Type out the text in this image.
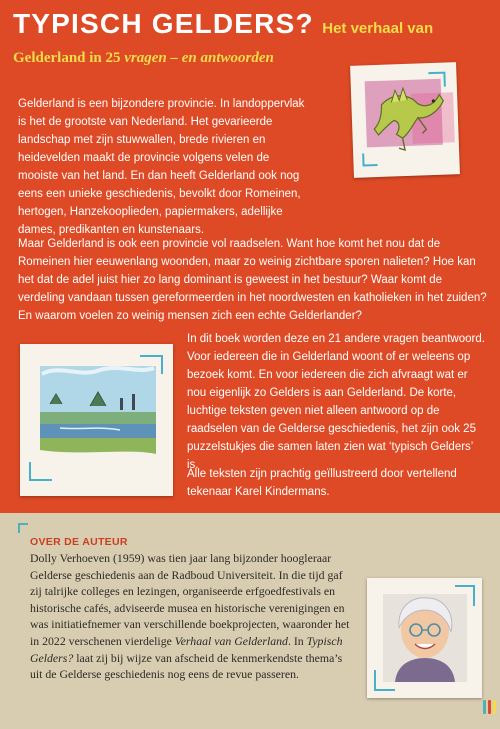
TYPISCH GELDERS? Het verhaal van
Gelderland in 25 vragen – en antwoorden
Gelderland is een bijzondere provincie. In landoppervlak is het de grootste van Nederland. Het gevarieerde landschap met zijn stuwwallen, brede rivieren en heidevelden maakt de provincie volgens velen de mooiste van het land. En dan heeft Gelderland ook nog eens een unieke geschiedenis, bevolkt door Romeinen, hertogen, Hanzekooplieden, papiermakers, adellijke dames, predikanten en kunstenaars.
Maar Gelderland is ook een provincie vol raadselen. Want hoe komt het nou dat de Romeinen hier eeuwenlang woonden, maar zo weinig zichtbare sporen nalieten? Hoe kan het dat de adel juist hier zo lang dominant is geweest in het bestuur? Waar komt de verdeling vandaan tussen gereformeerden in het noordwesten en katholieken in het zuiden? En waarom voelen zo weinig mensen zich een echte Gelderlander?
In dit boek worden deze en 21 andere vragen beantwoord. Voor iedereen die in Gelderland woont of er weleens op bezoek komt. En voor iedereen die zich afvraagt wat er nou eigenlijk zo Gelders is aan Gelderland. De korte, luchtige teksten geven niet alleen antwoord op de raadselen van de Gelderse geschiedenis, het zijn ook 25 puzzelstukjes die samen laten zien wat ‘typisch Gelders’ is.
Alle teksten zijn prachtig geïllustreerd door vertellend tekenaar Karel Kindermans.
OVER DE AUTEUR
Dolly Verhoeven (1959) was tien jaar lang bijzonder hoogleraar Gelderse geschiedenis aan de Radboud Universiteit. In die tijd gaf zij talrijke colleges en lezingen, organiseerde erfgoedfestivals en historische cafés, adviseerde musea en historische verenigingen en was initiatiefnemer van verschillende boekprojecten, waaronder het in 2022 verschenen vierdelige Verhaal van Gelderland. In Typisch Gelders? laat zij bij wijze van afscheid de kenmerkendste thema’s uit de Gelderse geschiedenis nog eens de revue passeren.
